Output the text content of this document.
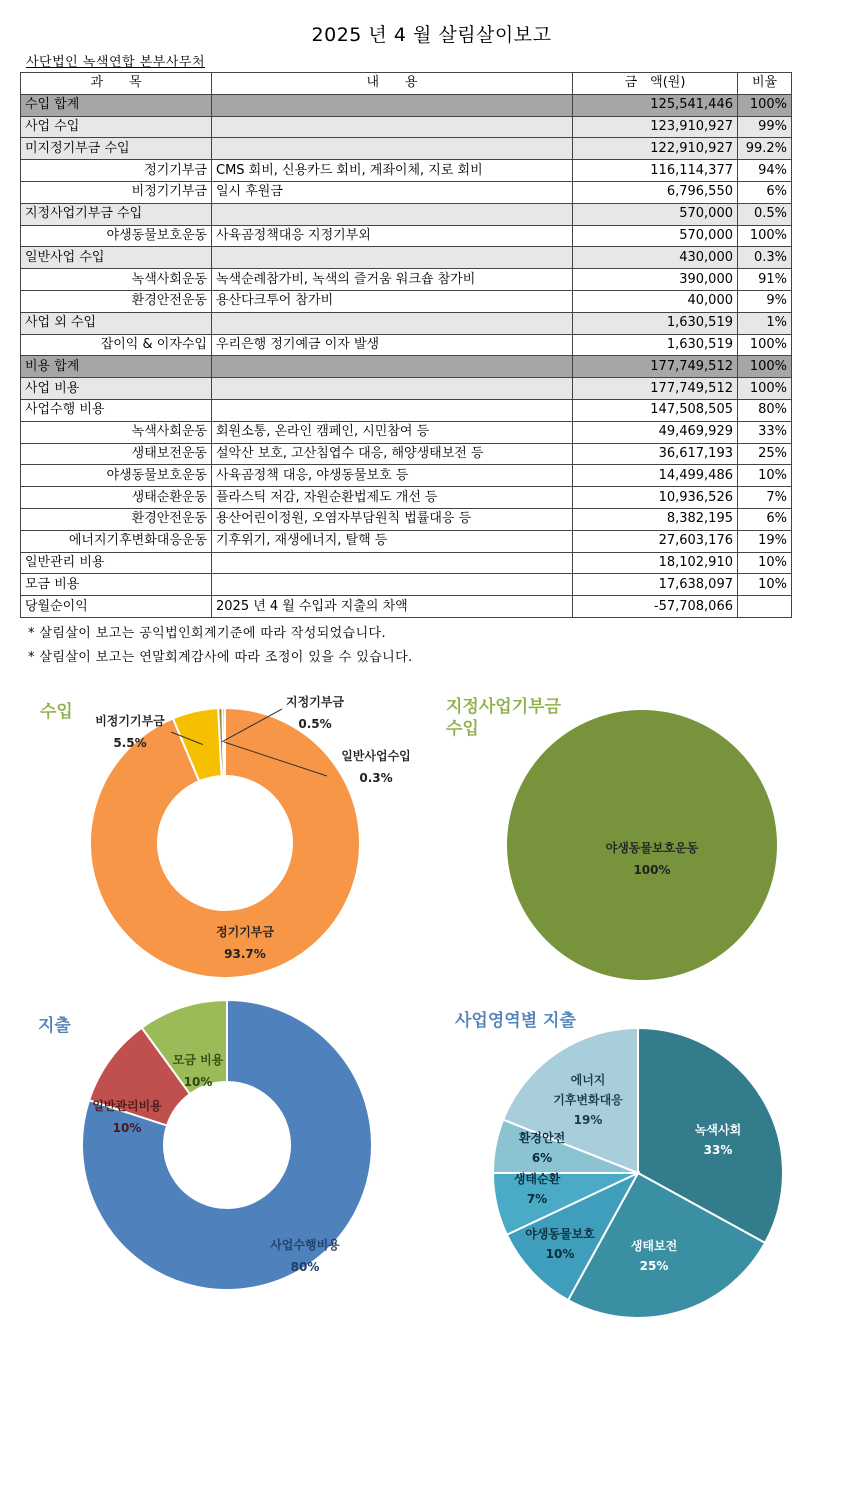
2025 년 4 월 살림살이보고
사단법인 녹색연합 본부사무처
과　　목	내　　용	금　액(원)	비율
수입 합계		125,541,446	100%
사업 수입		123,910,927	99%
미지정기부금 수입		122,910,927	99.2%
정기기부금	CMS 회비, 신용카드 회비, 계좌이체, 지로 회비	116,114,377	94%
비정기기부금	일시 후원금	6,796,550	6%
지정사업기부금 수입		570,000	0.5%
야생동물보호운동	사육곰정책대응 지정기부외	570,000	100%
일반사업 수입		430,000	0.3%
녹색사회운동	녹색순례참가비, 녹색의 즐거움 워크숍 참가비	390,000	91%
환경안전운동	용산다크투어 참가비	40,000	9%
사업 외 수입		1,630,519	1%
잡이익 & 이자수입	우리은행 정기예금 이자 발생	1,630,519	100%
비용 합계		177,749,512	100%
사업 비용		177,749,512	100%
사업수행 비용		147,508,505	80%
녹색사회운동	회원소통, 온라인 캠페인, 시민참여 등	49,469,929	33%
생태보전운동	설악산 보호, 고산침엽수 대응, 해양생태보전 등	36,617,193	25%
야생동물보호운동	사육곰정책 대응, 야생동물보호 등	14,499,486	10%
생태순환운동	플라스틱 저감, 자원순환법제도 개선 등	10,936,526	7%
환경안전운동	용산어린이정원, 오염자부담원칙 법률대응 등	8,382,195	6%
에너지기후변화대응운동	기후위기, 재생에너지, 탈핵 등	27,603,176	19%
일반관리 비용		18,102,910	10%
모금 비용		17,638,097	10%
당월순이익	2025 년 4 월 수입과 지출의 차액	-57,708,066	
* 살림살이 보고는 공익법인회계기준에 따라 작성되었습니다.
* 살림살이 보고는 연말회계감사에 따라 조정이 있을 수 있습니다.
수입	지정사업기부금
수입
지출	사업영역별 지출
정기기부금
93.7%
비정기기부금
5.5%
지정기부금
0.5%
일반사업수입
0.3%
야생동물보호운동
100%
사업수행비용
80%
일반관리비용
10%
모금 비용
10%
녹색사회
33%
생태보전
25%
야생동물보호
10%
생태순환
7%
환경안전
6%
에너지
기후변화대응
19%
